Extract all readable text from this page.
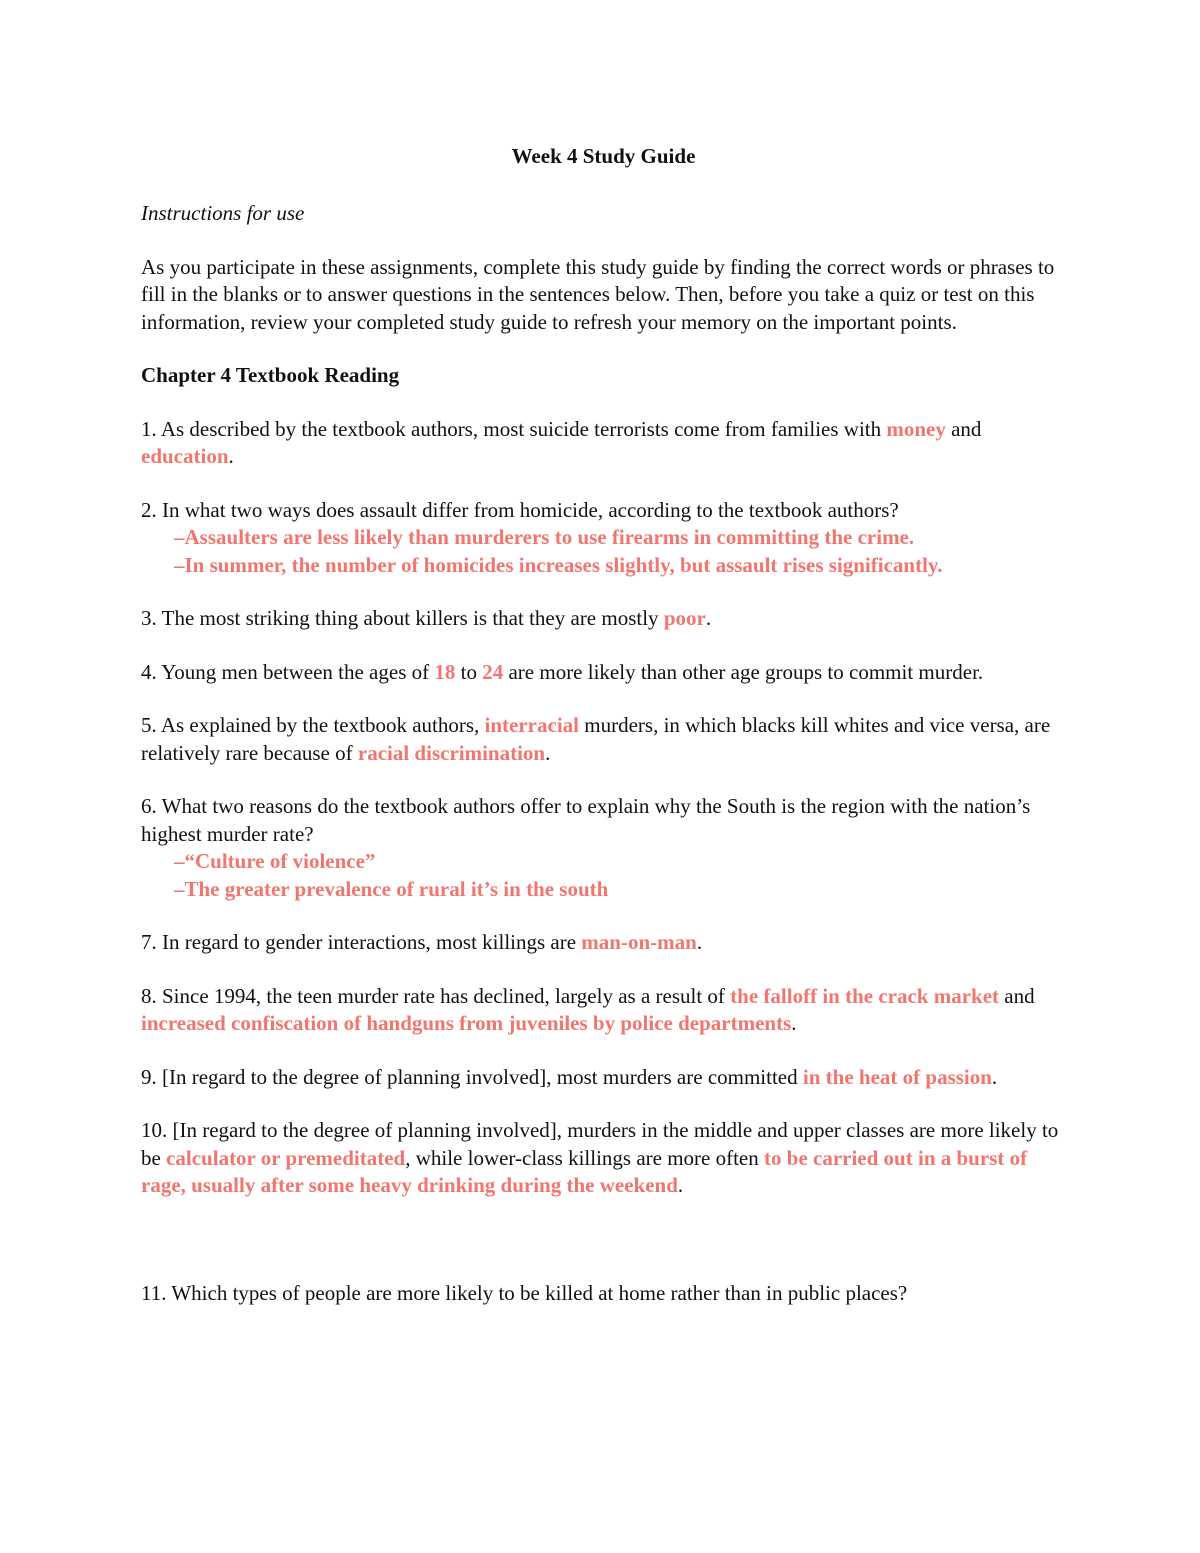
Week 4 Study Guide

Instructions for use

As you participate in these assignments, complete this study guide by finding the correct words or phrases to fill in the blanks or to answer questions in the sentences below. Then, before you take a quiz or test on this information, review your completed study guide to refresh your memory on the important points.

Chapter 4 Textbook Reading

1. As described by the textbook authors, most suicide terrorists come from families with money and education.

2. In what two ways does assault differ from homicide, according to the textbook authors?

–Assaulters are less likely than murderers to use firearms in committing the crime.

–In summer, the number of homicides increases slightly, but assault rises significantly.

3. The most striking thing about killers is that they are mostly poor.

4. Young men between the ages of 18 to 24 are more likely than other age groups to commit murder.

5. As explained by the textbook authors, interracial murders, in which blacks kill whites and vice versa, are relatively rare because of racial discrimination.

6. What two reasons do the textbook authors offer to explain why the South is the region with the nation’s highest murder rate?

–“Culture of violence”

–The greater prevalence of rural it’s in the south

7. In regard to gender interactions, most killings are man-on-man.

8. Since 1994, the teen murder rate has declined, largely as a result of the falloff in the crack market and increased confiscation of handguns from juveniles by police departments.

9. [In regard to the degree of planning involved], most murders are committed in the heat of passion.

10. [In regard to the degree of planning involved], murders in the middle and upper classes are more likely to be calculator or premeditated, while lower-class killings are more often to be carried out in a burst of rage, usually after some heavy drinking during the weekend.

11. Which types of people are more likely to be killed at home rather than in public places?
